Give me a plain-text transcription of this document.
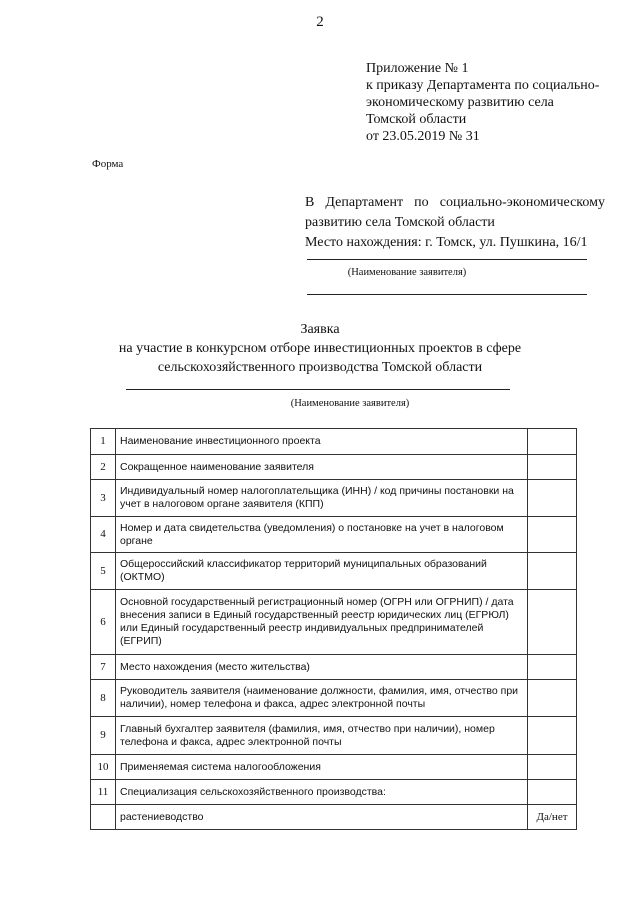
2
Приложение № 1
к приказу Департамента по социально-
экономическому развитию села
Томской области
от 23.05.2019 № 31
Форма
В Департамент по социально-экономическому
развитию села Томской области
Место нахождения: г. Томск, ул. Пушкина, 16/1
(Наименование заявителя)
Заявка
на участие в конкурсном отборе инвестиционных проектов в сфере
сельскохозяйственного производства Томской области
(Наименование заявителя)
1	Наименование инвестиционного проекта	
2	Сокращенное наименование заявителя	
3	Индивидуальный номер налогоплательщика (ИНН) / код причины постановки на учет в налоговом органе заявителя (КПП)	
4	Номер и дата свидетельства (уведомления) о постановке на учет в налоговом органе	
5	Общероссийский классификатор территорий муниципальных образований (ОКТМО)	
6	Основной государственный регистрационный номер (ОГРН или ОГРНИП) / дата внесения записи в Единый государственный реестр юридических лиц (ЕГРЮЛ) или Единый государственный реестр индивидуальных предпринимателей (ЕГРИП)	
7	Место нахождения (место жительства)	
8	Руководитель заявителя (наименование должности, фамилия, имя, отчество при наличии), номер телефона и факса, адрес электронной почты	
9	Главный бухгалтер заявителя (фамилия, имя, отчество при наличии), номер телефона и факса, адрес электронной почты	
10	Применяемая система налогообложения	
11	Специализация сельскохозяйственного производства:	
	растениеводство	Да/нет
